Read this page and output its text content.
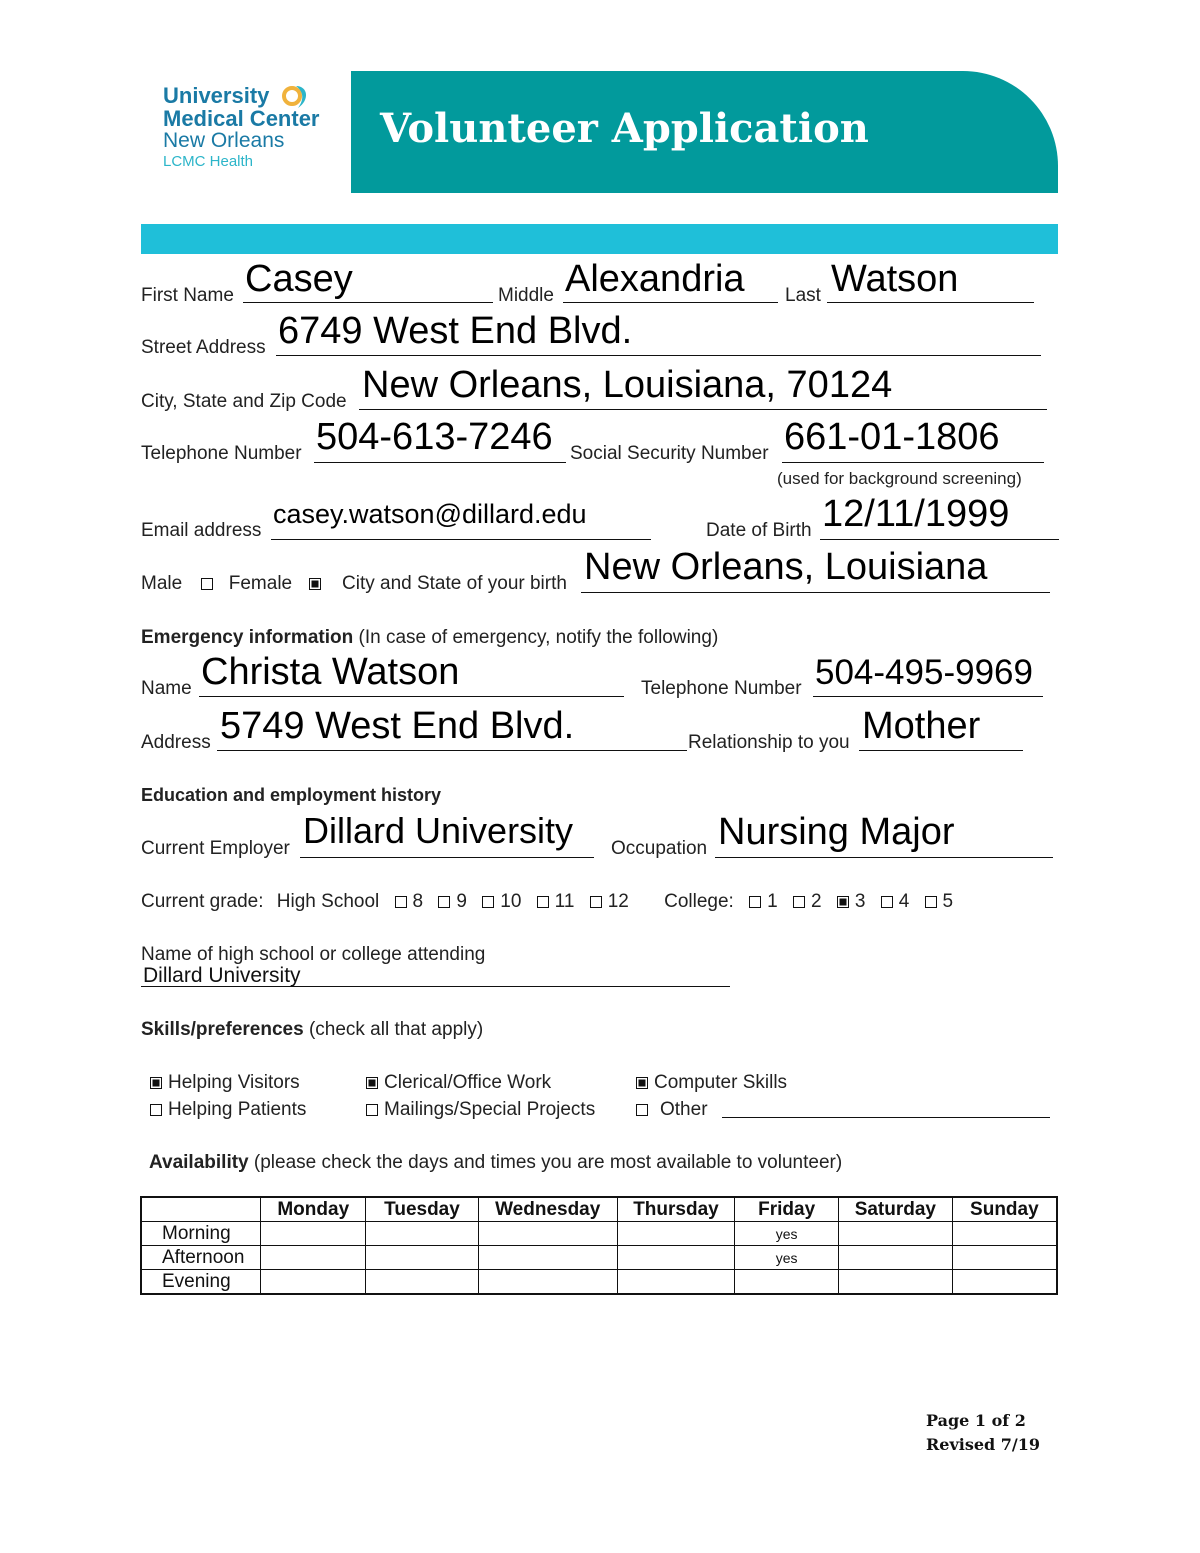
University
Medical Center
New Orleans
LCMC Health
Volunteer Application
First Name Casey	Middle Alexandria Last Watson
Street Address 6749 West End Blvd.
City, State and Zip Code New Orleans, Louisiana, 70124
Telephone Number 504-613-7246 Social Security Number 661-01-1806
(used for background screening)
Email address
casey.watson@dillard.edu
Date of Birth 12/11/1999
Male Female	City and State of your birth New Orleans, Louisiana
Emergency information (In case of emergency, notify the following)
Name Christa Watson	Telephone Number 504-495-9969
Address 5749 West End Blvd.	Relationship to you Mother
Education and employment history
Current Employer Dillard University Occupation Nursing Major
Current grade: High School 8 9 10 11 12 College: 1 2 3 4 5
Name of high school or college attending
Dillard University
Skills/preferences (check all that apply)
Helping Visitors	Clerical/Office Work	Computer Skills
Helping Patients	Mailings/Special Projects	Other
Availability (please check the days and times you are most available to volunteer)
	Monday	Tuesday	Wednesday	Thursday	Friday	Saturday	Sunday
Morning					yes		
Afternoon					yes		
Evening							
Page 1 of 2
Revised 7/19
